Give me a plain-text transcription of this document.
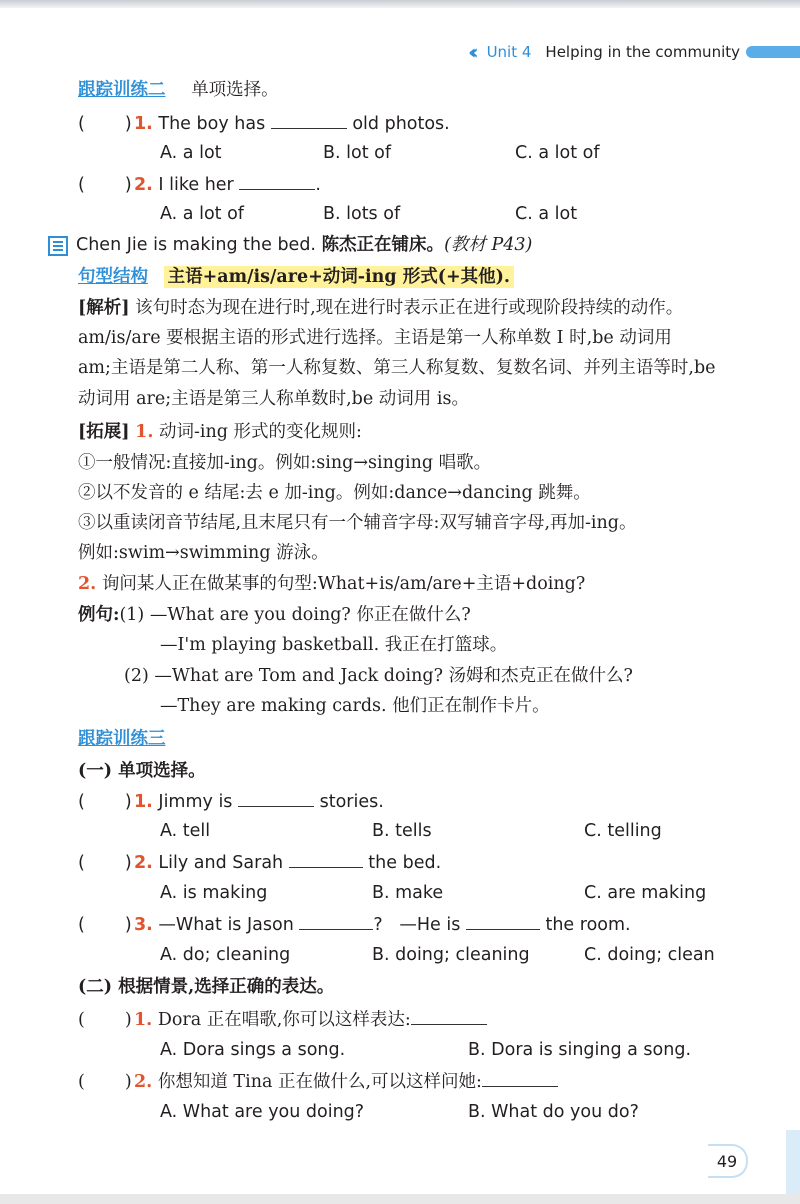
‹‹ Unit 4 Helping in the community
跟踪训练二 单项选择。
( ) 1. The boy has	old photos.
A. a lot	B. lot of	C. a lot of
( ) 2. I like her	.
A. a lot of	B. lots of	C. a lot
Chen Jie is making the bed. 陈杰正在铺床。(教材 P43)
句型结构 主语+am/is/are+动词-ing 形式(+其他).
[解析] 该句时态为现在进行时,现在进行时表示正在进行或现阶段持续的动作。
am/is/are 要根据主语的形式进行选择。主语是第一人称单数 I 时,be 动词用
am;主语是第二人称、第一人称复数、第三人称复数、复数名词、并列主语等时,be
动词用 are;主语是第三人称单数时,be 动词用 is。
[拓展] 1. 动词-ing 形式的变化规则:
①一般情况:直接加-ing。例如:sing→singing 唱歌。
②以不发音的 e 结尾:去 e 加-ing。例如:dance→dancing 跳舞。
③以重读闭音节结尾,且末尾只有一个辅音字母:双写辅音字母,再加-ing。
例如:swim→swimming 游泳。
2. 询问某人正在做某事的句型:What+is/am/are+主语+doing?
例句:(1) —What are you doing? 你正在做什么?
—I'm playing basketball. 我正在打篮球。
(2) —What are Tom and Jack doing? 汤姆和杰克正在做什么?
—They are making cards. 他们正在制作卡片。
跟踪训练三
(一) 单项选择。
( ) 1. Jimmy is	stories.
A. tell	B. tells	C. telling
( ) 2. Lily and Sarah	the bed.
A. is making	B. make	C. are making
( ) 3. —What is Jason	?   —He is	the room.
A. do; cleaning	B. doing; cleaning	C. doing; clean
(二) 根据情景,选择正确的表达。
( ) 1. Dora 正在唱歌,你可以这样表达:
A. Dora sings a song.	B. Dora is singing a song.
( ) 2. 你想知道 Tina 正在做什么,可以这样问她:
A. What are you doing?	B. What do you do?
49
